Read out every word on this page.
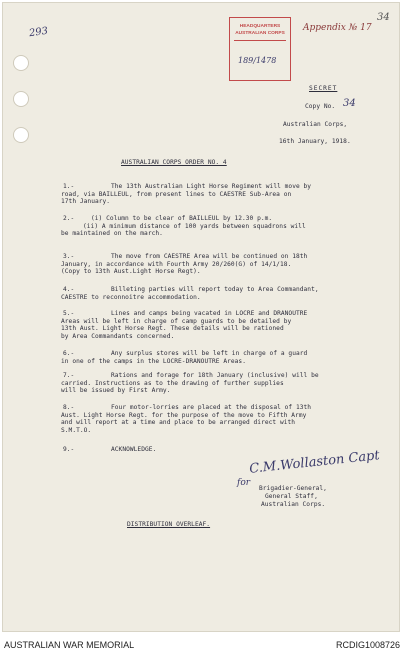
293
34
Appendix № 17
HEADQUARTERS
AUSTRALIAN CORPS
189/1478
SECRET
Copy No. 34
Australian Corps,
16th January, 1918.
AUSTRALIAN CORPS ORDER NO. 4
1.-	The 13th Australian Light Horse Regiment will move by
road, via BAILLEUL, from present lines to CAESTRE Sub-Area on
17th January.
2.-	(i) Column to be clear of BAILLEUL by 12.30 p.m.
(ii) A minimum distance of 100 yards between squadrons will
be maintained on the march.
3.-	The move from CAESTRE Area will be continued on 18th
January, in accordance with Fourth Army 20/260(G) of 14/1/18.
(Copy to 13th Aust.Light Horse Regt).
4.-	Billeting parties will report today to Area Commandant,
CAESTRE to reconnoitre accommodation.
5.-	Lines and camps being vacated in LOCRE and DRANOUTRE
Areas will be left in charge of camp guards to be detailed by
13th Aust. Light Horse Regt. These details will be rationed
by Area Commandants concerned.
6.-	Any surplus stores will be left in charge of a guard
in one of the camps in the LOCRE-DRANOUTRE Areas.
7.-	Rations and forage for 18th January (inclusive) will be
carried. Instructions as to the drawing of further supplies
will be issued by First Army.
8.-	Four motor-lorries are placed at the disposal of 13th
Aust. Light Horse Regt. for the purpose of the move to Fifth Army
and will report at a time and place to be arranged direct with
S.M.T.O.
9.-	ACKNOWLEDGE.	C.M.Wollaston Capt
for
Brigadier-General,
General Staff,
Australian Corps.
DISTRIBUTION OVERLEAF.
AUSTRALIAN WAR MEMORIAL	RCDIG1008726
